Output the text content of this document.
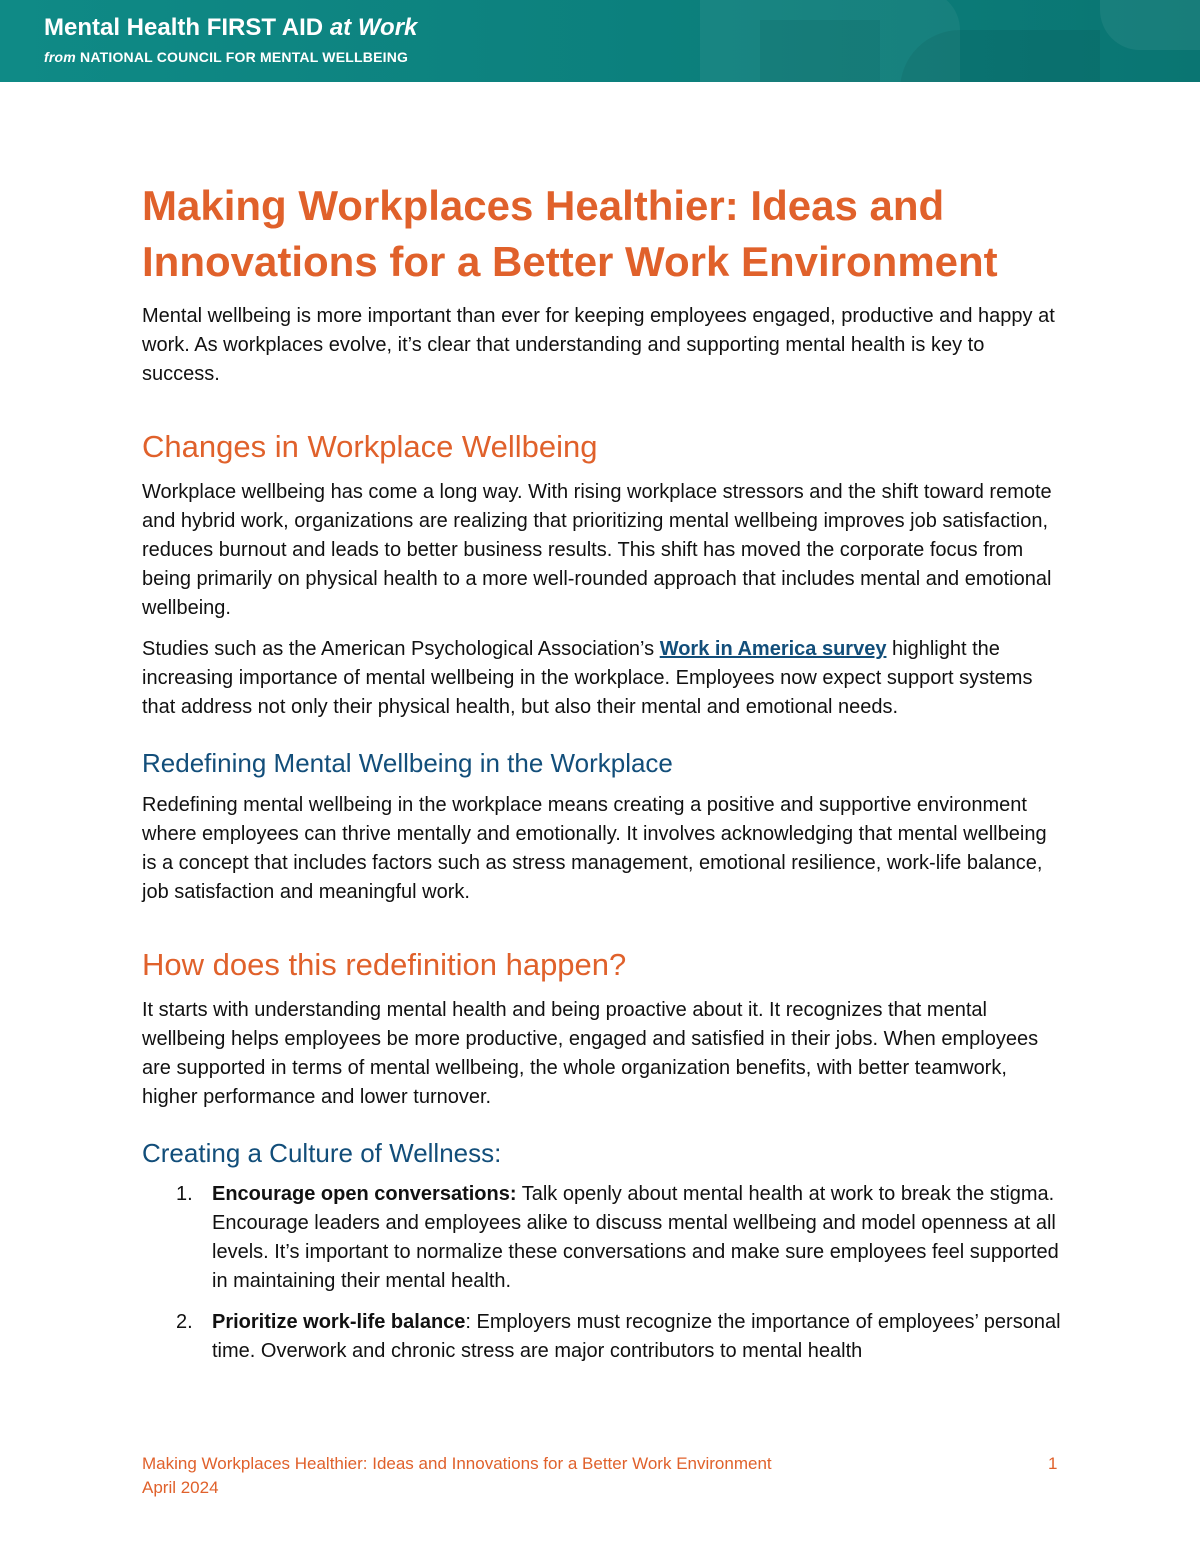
Mental Health FIRST AID at Work
from NATIONAL COUNCIL FOR MENTAL WELLBEING
Making Workplaces Healthier: Ideas and Innovations for a Better Work Environment

Mental wellbeing is more important than ever for keeping employees engaged, productive and happy at work. As workplaces evolve, it’s clear that understanding and supporting mental health is key to success.

Changes in Workplace Wellbeing

Workplace wellbeing has come a long way. With rising workplace stressors and the shift toward remote and hybrid work, organizations are realizing that prioritizing mental wellbeing improves job satisfaction, reduces burnout and leads to better business results. This shift has moved the corporate focus from being primarily on physical health to a more well-rounded approach that includes mental and emotional wellbeing.

Studies such as the American Psychological Association’s Work in America survey highlight the increasing importance of mental wellbeing in the workplace. Employees now expect support systems that address not only their physical health, but also their mental and emotional needs.

Redefining Mental Wellbeing in the Workplace

Redefining mental wellbeing in the workplace means creating a positive and supportive environment where employees can thrive mentally and emotionally. It involves acknowledging that mental wellbeing is a concept that includes factors such as stress management, emotional resilience, work-life balance, job satisfaction and meaningful work.

How does this redefinition happen?

It starts with understanding mental health and being proactive about it. It recognizes that mental wellbeing helps employees be more productive, engaged and satisfied in their jobs. When employees are supported in terms of mental wellbeing, the whole organization benefits, with better teamwork, higher performance and lower turnover.

Creating a Culture of Wellness:
1. Encourage open conversations: Talk openly about mental health at work to break the stigma. Encourage leaders and employees alike to discuss mental wellbeing and model openness at all levels. It’s important to normalize these conversations and make sure employees feel supported in maintaining their mental health.
2. Prioritize work-life balance: Employers must recognize the importance of employees’ personal time. Overwork and chronic stress are major contributors to mental health
Making Workplaces Healthier: Ideas and Innovations for a Better Work Environment
April 2024
1
